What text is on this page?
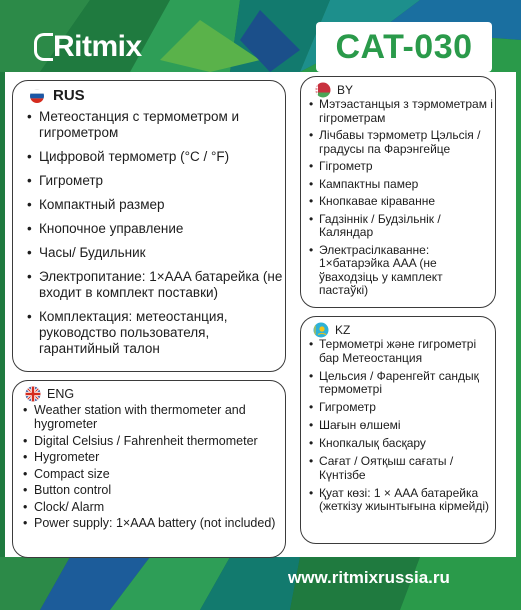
Ritmix	CAT-030
RUS
• Метеостанция с термометром и гигрометром
• Цифровой термометр (°C / °F)
• Гигрометр
• Компактный размер
• Кнопочное управление
• Часы/ Будильник
• Электропитание: 1×AAA батарейка (не входит в комплект поставки)
• Комплектация: метеостанция, руководство пользователя, гарантийный талон
ENG
• Weather station with thermometer and hygrometer
• Digital Celsius / Fahrenheit thermometer
• Hygrometer
• Compact size
• Button control
• Clock/ Alarm
• Power supply: 1×AAA battery (not included)
BY
• Мэтэастанцыя з тэрмометрам і гігрометрам
• Лічбавы тэрмометр Цэльсія / градусы па Фарэнгейце
• Гігрометр
• Кампактны памер
• Кнопкавае кіраванне
• Гадзіннік / Будзільнік / Каляндар
• Электрасілкаванне: 1×батарэйка AAA (не ўваходзіць у камплект пастаўкі)
KZ
• Термометрі және гигрометрі бар Метеостанция
• Цельсия / Фаренгейт сандық термометрі
• Гигрометр
• Шағын өлшемі
• Кнопкалық басқару
• Сағат / Оятқыш сағаты / Күнтізбе
• Қуат көзі: 1 × AAA батарейка (жеткізу жиынтығына кірмейді)
www.ritmixrussia.ru
